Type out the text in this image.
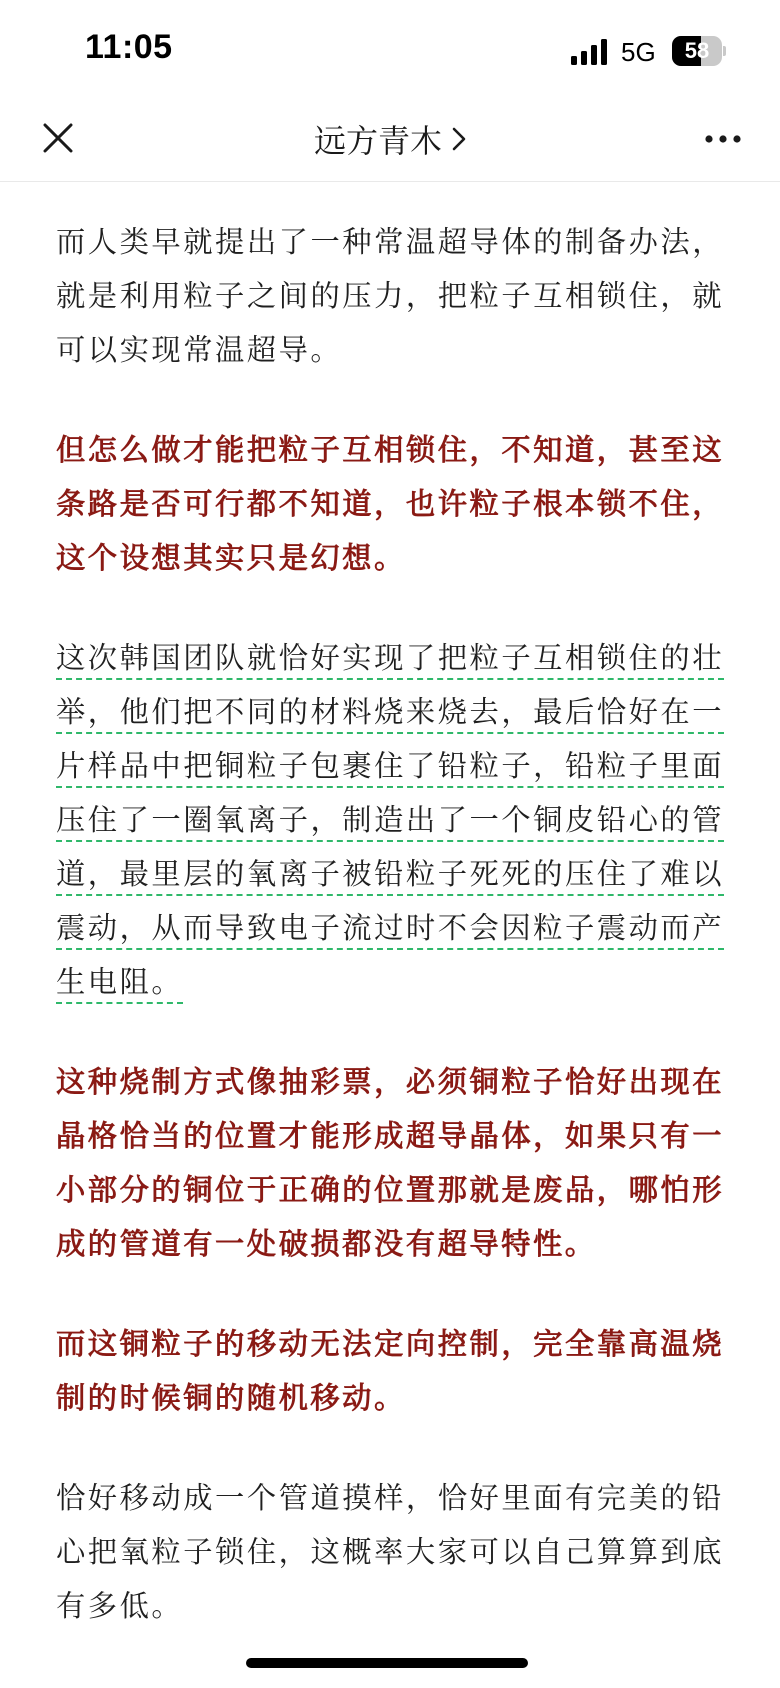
11:05	5G	58
远方青木

而人类早就提出了一种常温超导体的制备办法，就是利用粒子之间的压力，把粒子互相锁住，就可以实现常温超导。

但怎么做才能把粒子互相锁住，不知道，甚至这条路是否可行都不知道，也许粒子根本锁不住，这个设想其实只是幻想。

这次韩国团队就恰好实现了把粒子互相锁住的壮举，他们把不同的材料烧来烧去，最后恰好在一片样品中把铜粒子包裹住了铅粒子，铅粒子里面压住了一圈氧离子，制造出了一个铜皮铅心的管道，最里层的氧离子被铅粒子死死的压住了难以震动，从而导致电子流过时不会因粒子震动而产生电阻。

这种烧制方式像抽彩票，必须铜粒子恰好出现在晶格恰当的位置才能形成超导晶体，如果只有一小部分的铜位于正确的位置那就是废品，哪怕形成的管道有一处破损都没有超导特性。

而这铜粒子的移动无法定向控制，完全靠高温烧制的时候铜的随机移动。

恰好移动成一个管道摸样，恰好里面有完美的铅心把氧粒子锁住，这概率大家可以自己算算到底有多低。
